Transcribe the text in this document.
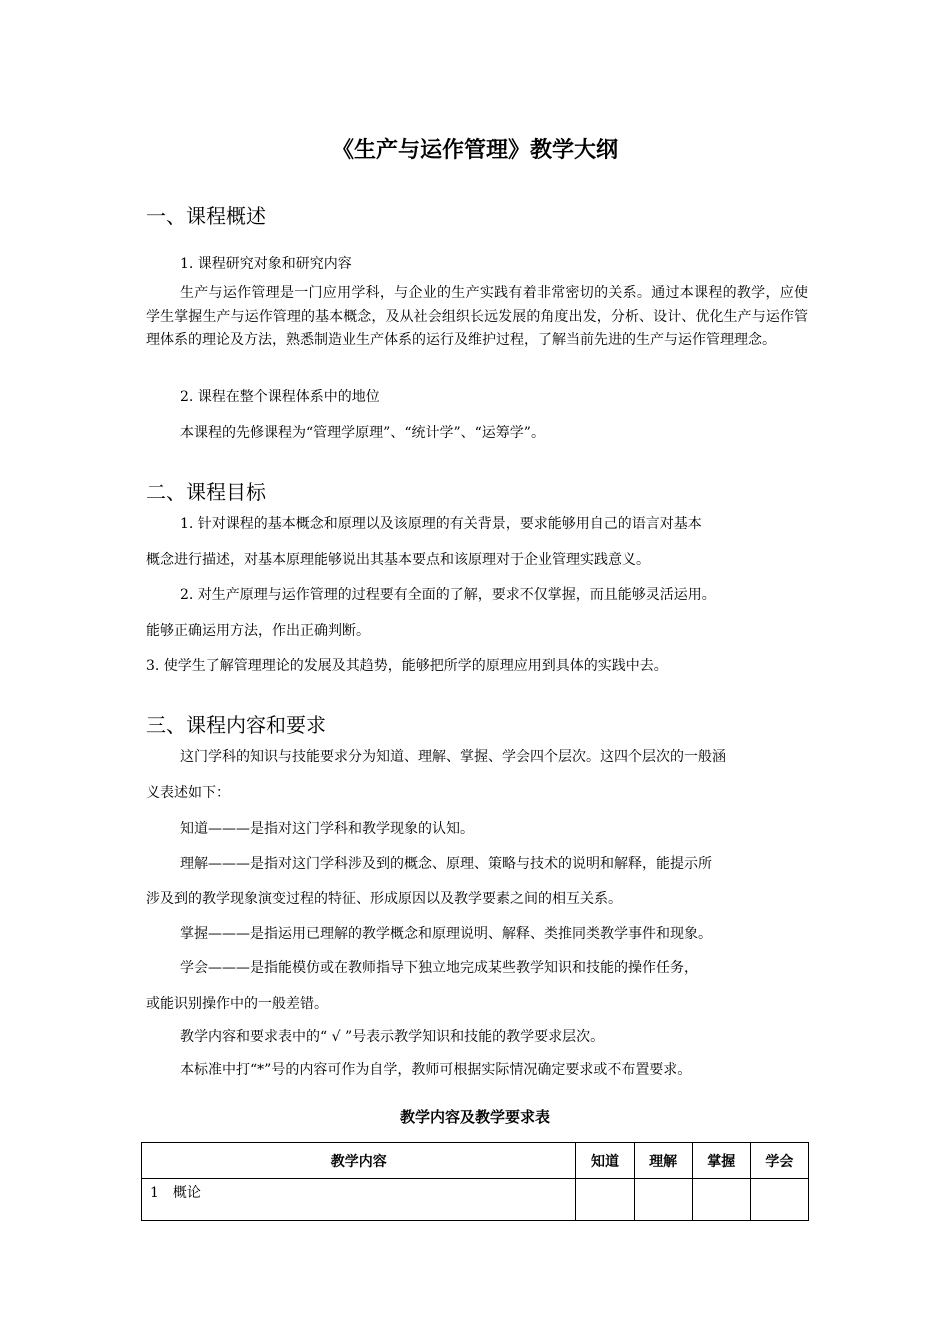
《生产与运作管理》教学大纲
一、课程概述
1. 课程研究对象和研究内容
生产与运作管理是一门应用学科，与企业的生产实践有着非常密切的关系。通过本课程的教学，应使学生掌握生产与运作管理的基本概念，及从社会组织长远发展的角度出发，分析、设计、优化生产与运作管理体系的理论及方法，熟悉制造业生产体系的运行及维护过程，了解当前先进的生产与运作管理理念。
2. 课程在整个课程体系中的地位
本课程的先修课程为“管理学原理”、“统计学”、“运筹学”。
二、课程目标
1. 针对课程的基本概念和原理以及该原理的有关背景，要求能够用自己的语言对基本
概念进行描述，对基本原理能够说出其基本要点和该原理对于企业管理实践意义。
2. 对生产原理与运作管理的过程要有全面的了解，要求不仅掌握，而且能够灵活运用。
能够正确运用方法，作出正确判断。
3. 使学生了解管理理论的发展及其趋势，能够把所学的原理应用到具体的实践中去。
三、课程内容和要求
这门学科的知识与技能要求分为知道、理解、掌握、学会四个层次。这四个层次的一般涵
义表述如下：
知道———是指对这门学科和教学现象的认知。
理解———是指对这门学科涉及到的概念、原理、策略与技术的说明和解释，能提示所
涉及到的教学现象演变过程的特征、形成原因以及教学要素之间的相互关系。
掌握———是指运用已理解的教学概念和原理说明、解释、类推同类教学事件和现象。
学会———是指能模仿或在教师指导下独立地完成某些教学知识和技能的操作任务，
或能识别操作中的一般差错。
教学内容和要求表中的“ √ ”号表示教学知识和技能的教学要求层次。
本标准中打“*”号的内容可作为自学，教师可根据实际情况确定要求或不布置要求。
教学内容及教学要求表
教学内容	知道	理解	掌握	学会
1　概论				
